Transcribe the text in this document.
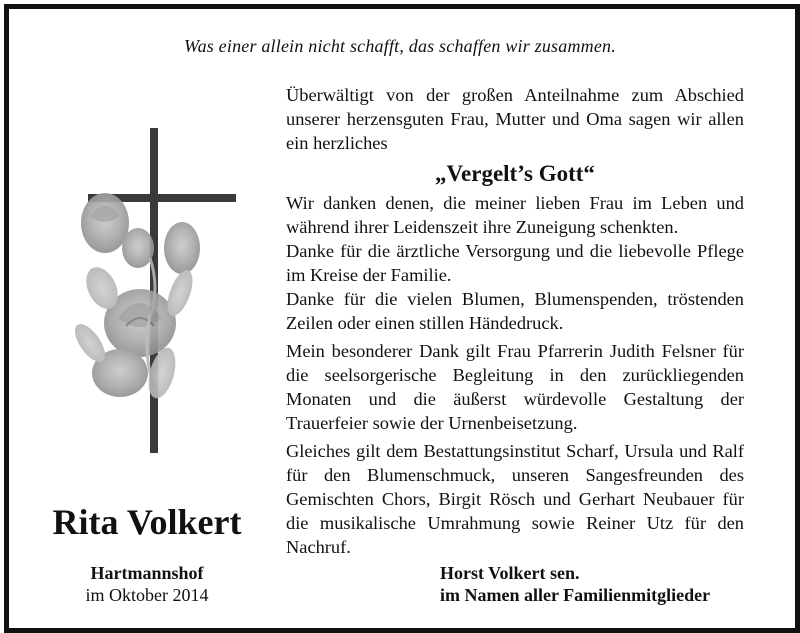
Was einer allein nicht schafft, das schaffen wir zusammen.

Überwältigt von der großen Anteilnahme zum Abschied unserer herzensguten Frau, Mutter und Oma sagen wir allen ein herzliches

„Vergelt’s Gott“

Wir danken denen, die meiner lieben Frau im Leben und während ihrer Leidenszeit ihre Zuneigung schenkten.

Danke für die ärztliche Versorgung und die liebevolle Pflege im Kreise der Familie.

Danke für die vielen Blumen, Blumenspenden, tröstenden Zeilen oder einen stillen Händedruck.

Mein besonderer Dank gilt Frau Pfarrerin Judith Felsner für die seelsorgerische Begleitung in den zurückliegenden Monaten und die äußerst würdevolle Gestaltung der Trauerfeier sowie der Urnenbeisetzung.

Gleiches gilt dem Bestattungsinstitut Scharf, Ursula und Ralf für den Blumenschmuck, unseren Sangesfreunden des Gemischten Chors, Birgit Rösch und Gerhart Neubauer für die musikalische Umrahmung sowie Reiner Utz für den Nachruf.

Rita Volkert
Hartmannshof
im Oktober 2014
Horst Volkert sen.
im Namen aller Familienmitglieder
